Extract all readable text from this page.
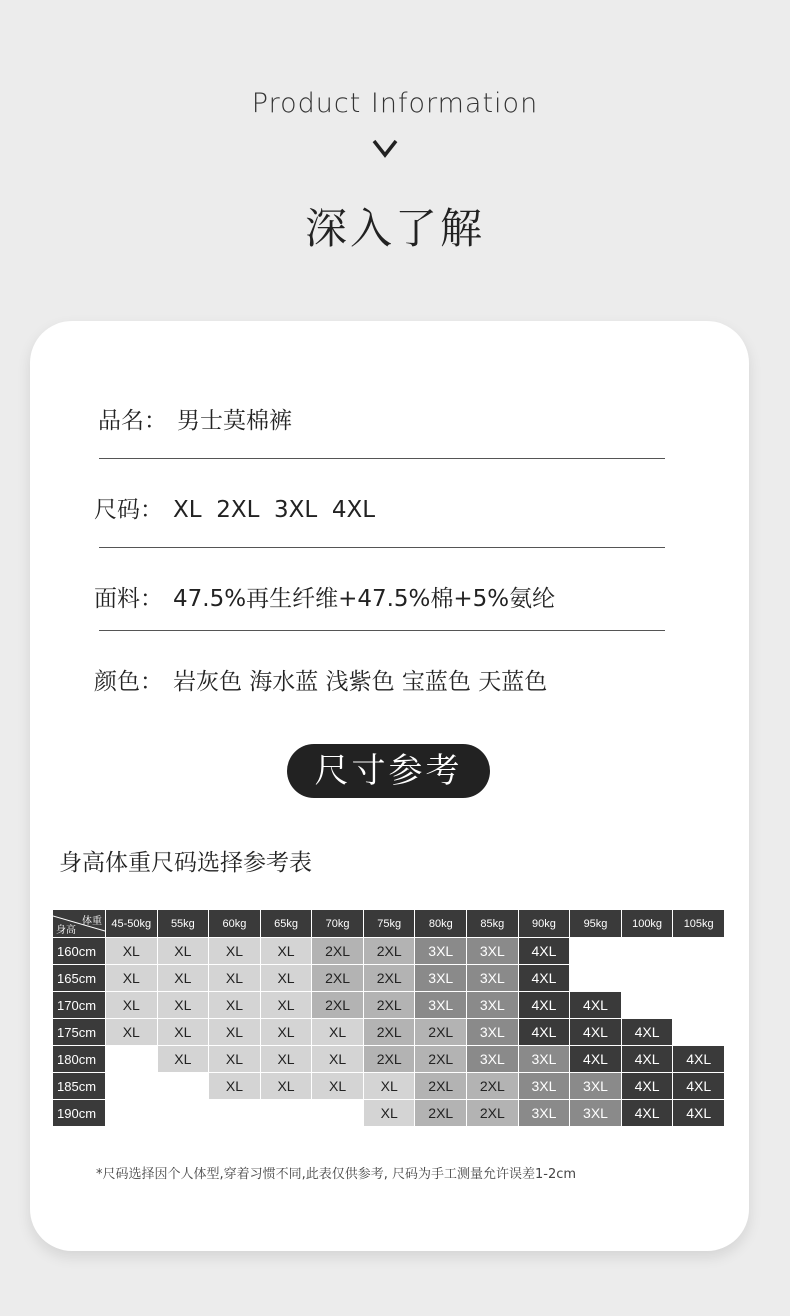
Product Information
深入了解
品名： 男士莫棉裤
尺码： XL  2XL  3XL  4XL
面料： 47.5%再生纤维+47.5%棉+5%氨纶
颜色： 岩灰色 海水蓝 浅紫色 宝蓝色 天蓝色
尺寸参考
身高体重尺码选择参考表
体重
身高	45-50kg	55kg	60kg	65kg	70kg	75kg	80kg	85kg	90kg	95kg	100kg	105kg
160cm	XL	XL	XL	XL	2XL	2XL	3XL	3XL	4XL			
165cm	XL	XL	XL	XL	2XL	2XL	3XL	3XL	4XL			
170cm	XL	XL	XL	XL	2XL	2XL	3XL	3XL	4XL	4XL		
175cm	XL	XL	XL	XL	XL	2XL	2XL	3XL	4XL	4XL	4XL	
180cm		XL	XL	XL	XL	2XL	2XL	3XL	3XL	4XL	4XL	4XL
185cm			XL	XL	XL	XL	2XL	2XL	3XL	3XL	4XL	4XL
190cm						XL	2XL	2XL	3XL	3XL	4XL	4XL
*尺码选择因个人体型,穿着习惯不同,此表仅供参考, 尺码为手工测量允许误差1-2cm
